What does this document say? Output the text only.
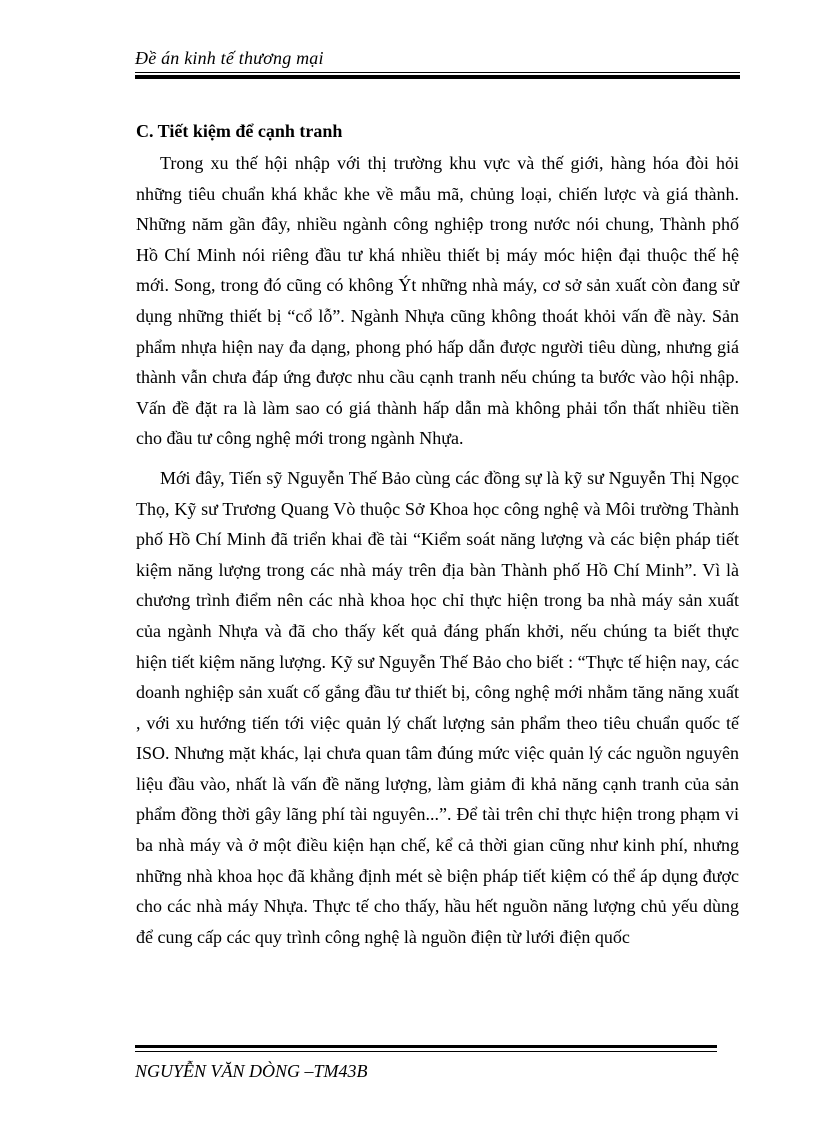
Đề án kinh tế thương mại
C. Tiết kiệm để cạnh tranh

Trong xu thế hội nhập với thị trường khu vực và thế giới, hàng hóa đòi hỏi những tiêu chuẩn khá khắc khe về mẫu mã, chủng loại, chiến lược và giá thành. Những năm gần đây, nhiều ngành công nghiệp trong nước nói chung, Thành phố Hồ Chí Minh nói riêng đầu tư khá nhiều thiết bị máy móc hiện đại thuộc thế hệ mới. Song, trong đó cũng có không Ýt những nhà máy, cơ sở sản xuất còn đang sử dụng những thiết bị “cổ lỗ”. Ngành Nhựa cũng không thoát khỏi vấn đề này. Sản phẩm nhựa hiện nay đa dạng, phong phó hấp dẫn được người tiêu dùng, nhưng giá thành vẫn chưa đáp ứng được nhu cầu cạnh tranh nếu chúng ta bước vào hội nhập. Vấn đề đặt ra là làm sao có giá thành hấp dẫn mà không phải tổn thất nhiều tiền cho đầu tư công nghệ mới trong ngành Nhựa.

Mới đây, Tiến sỹ Nguyễn Thế Bảo cùng các đồng sự là kỹ sư Nguyễn Thị Ngọc Thọ, Kỹ sư Trương Quang Vò thuộc Sở Khoa học công nghệ và Môi trường Thành phố Hồ Chí Minh đã triển khai đề tài “Kiểm soát năng lượng và các biện pháp tiết kiệm năng lượng trong các nhà máy trên địa bàn Thành phố Hồ Chí Minh”. Vì là chương trình điểm nên các nhà khoa học chỉ thực hiện trong ba nhà máy sản xuất của ngành Nhựa và đã cho thấy kết quả đáng phấn khởi, nếu chúng ta biết thực hiện tiết kiệm năng lượng. Kỹ sư Nguyễn Thế Bảo cho biết : “Thực tế hiện nay, các doanh nghiệp sản xuất cố gắng đầu tư thiết bị, công nghệ mới nhằm tăng năng xuất , với xu hướng tiến tới việc quản lý chất lượng sản phẩm theo tiêu chuẩn quốc tế ISO. Nhưng mặt khác, lại chưa quan tâm đúng mức việc quản lý các nguồn nguyên liệu đầu vào, nhất là vấn đề năng lượng, làm giảm đi khả năng cạnh tranh của sản phẩm đồng thời gây lãng phí tài nguyên...”. Để tài trên chỉ thực hiện trong phạm vi ba nhà máy và ở một điều kiện hạn chế, kể cả thời gian cũng như kinh phí, nhưng những nhà khoa học đã khẳng định mét sè biện pháp tiết kiệm có thể áp dụng được cho các nhà máy Nhựa. Thực tế cho thấy, hầu hết nguồn năng lượng chủ yếu dùng để cung cấp các quy trình công nghệ là nguồn điện từ lưới điện quốc

NGUYỄN VĂN DÒNG –TM43B
